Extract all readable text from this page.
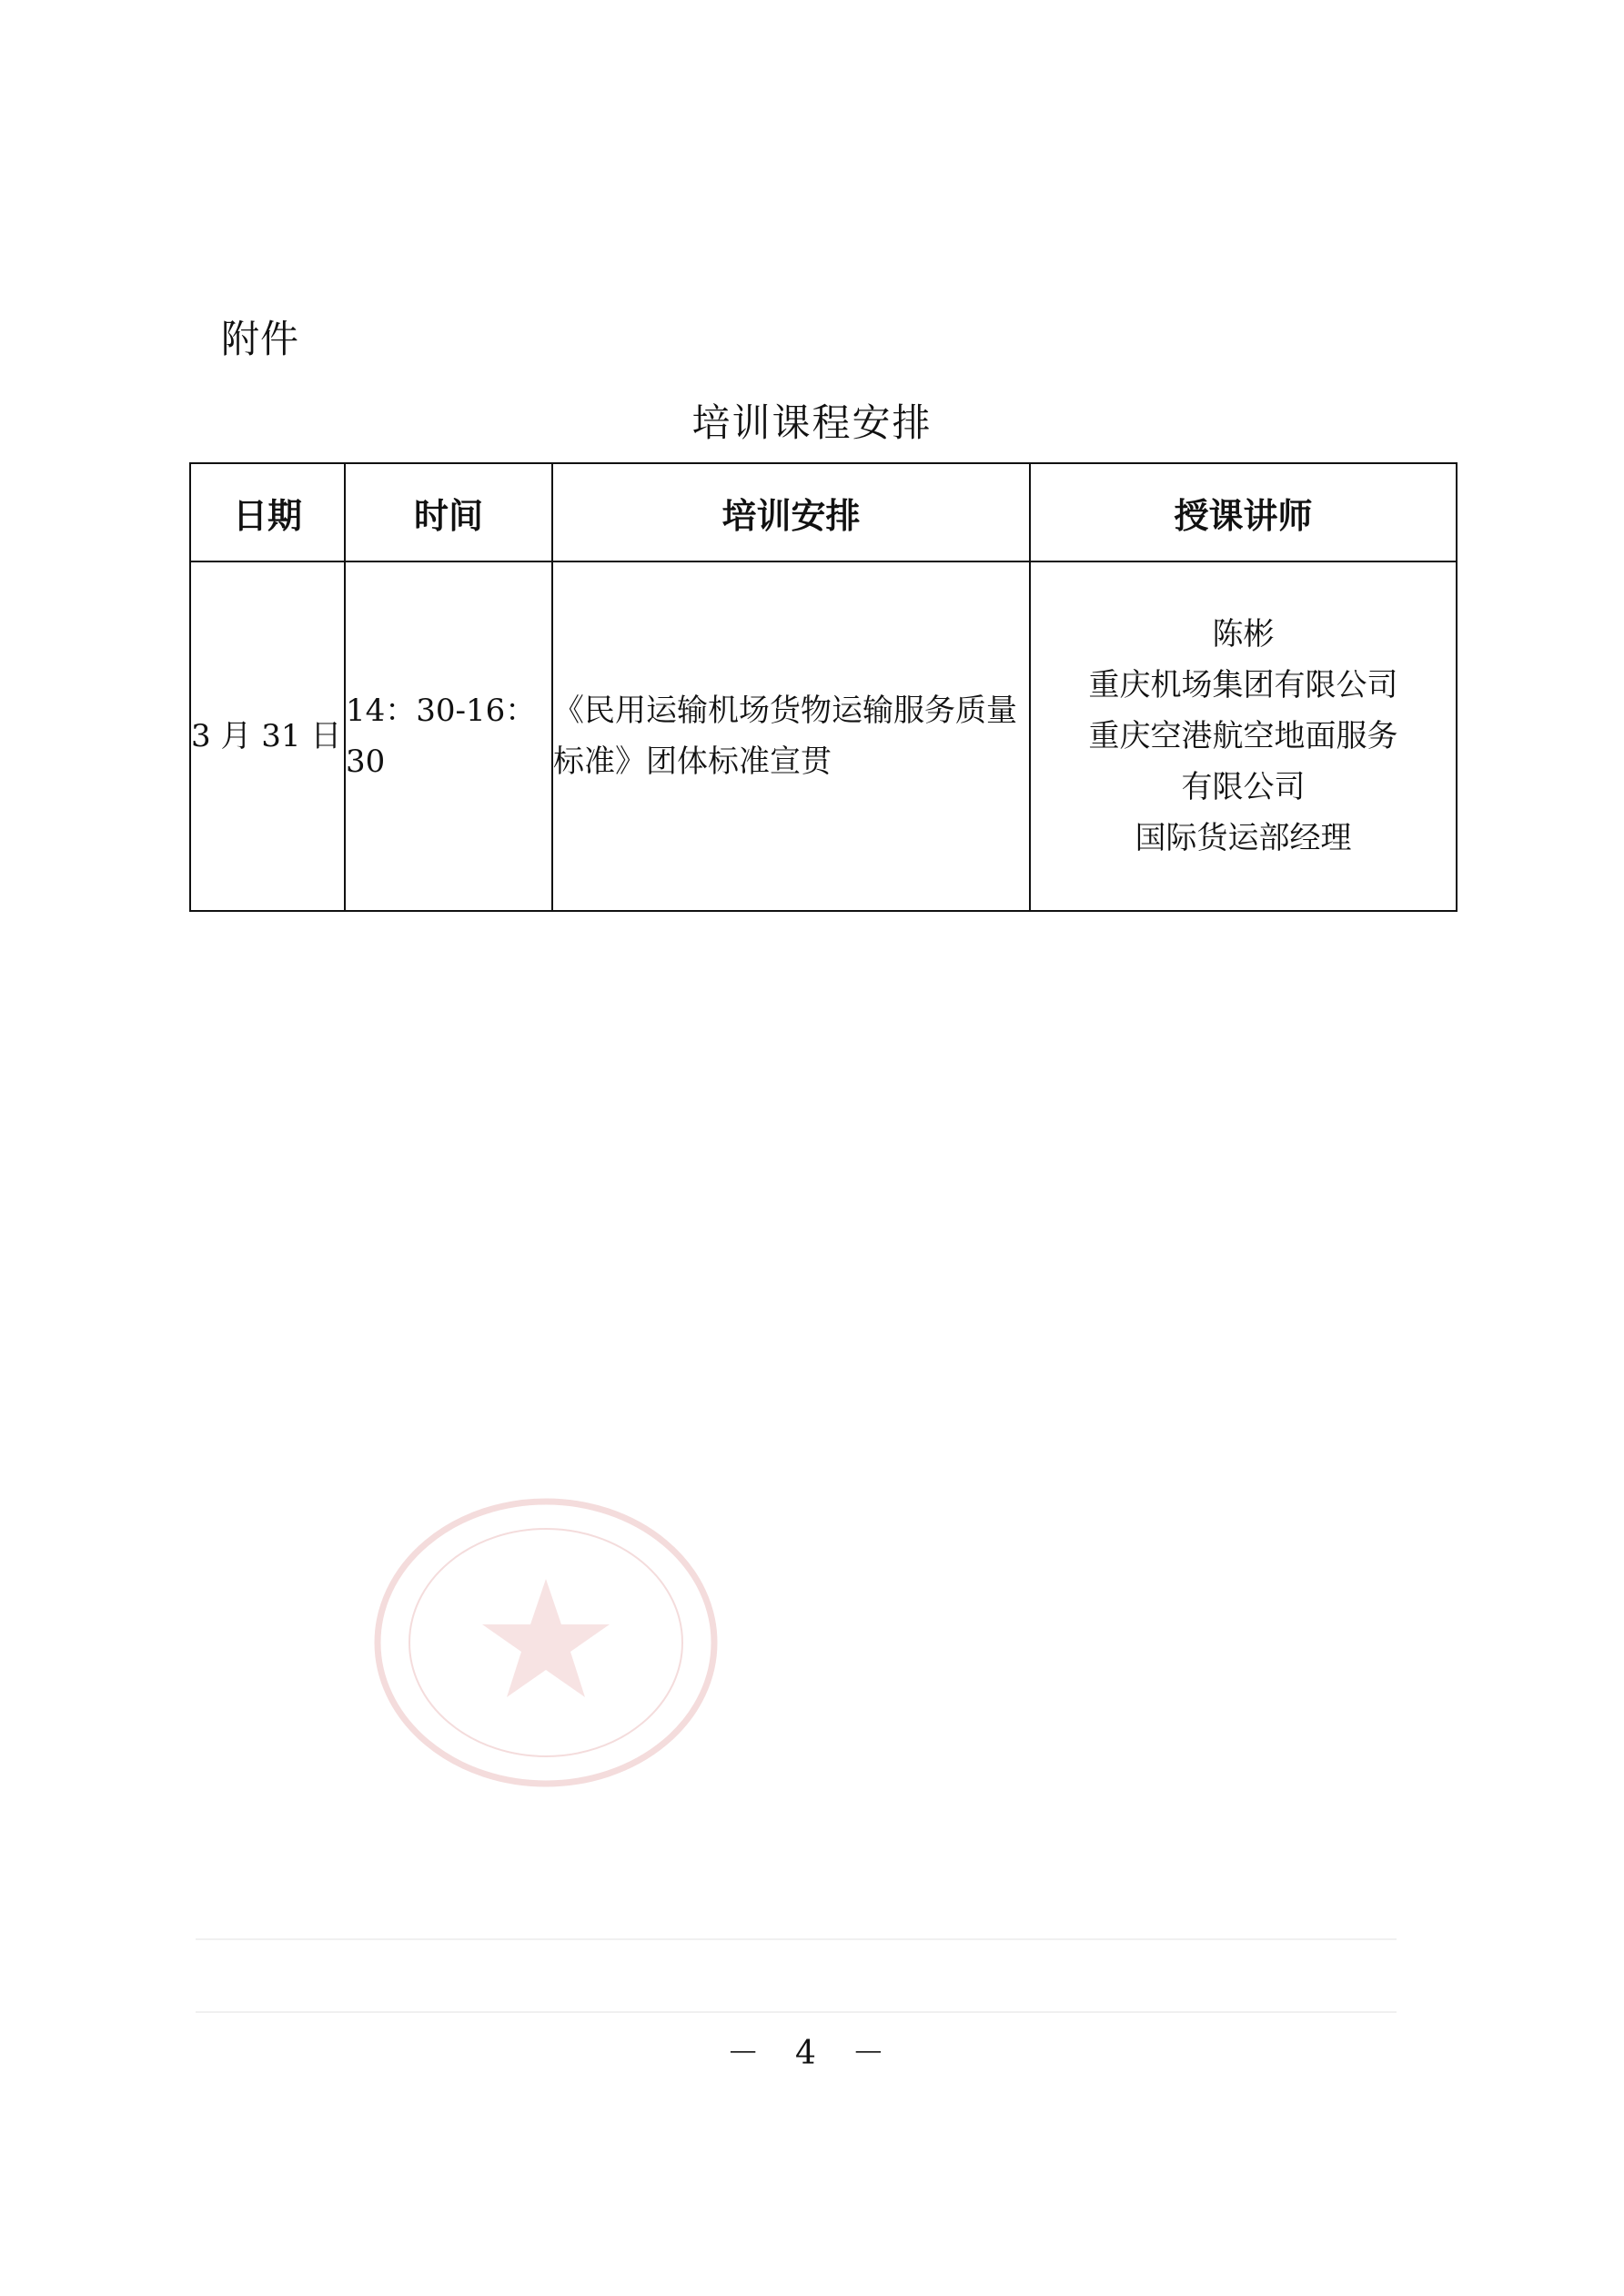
附件
培训课程安排
日期	时间	培训安排	授课讲师
3 月 31 日	14：30-16：30	《民用运输机场货物运输服务质量标准》团体标准宣贯	陈彬
重庆机场集团有限公司
重庆空港航空地面服务
有限公司
国际货运部经理
－ 4 －
